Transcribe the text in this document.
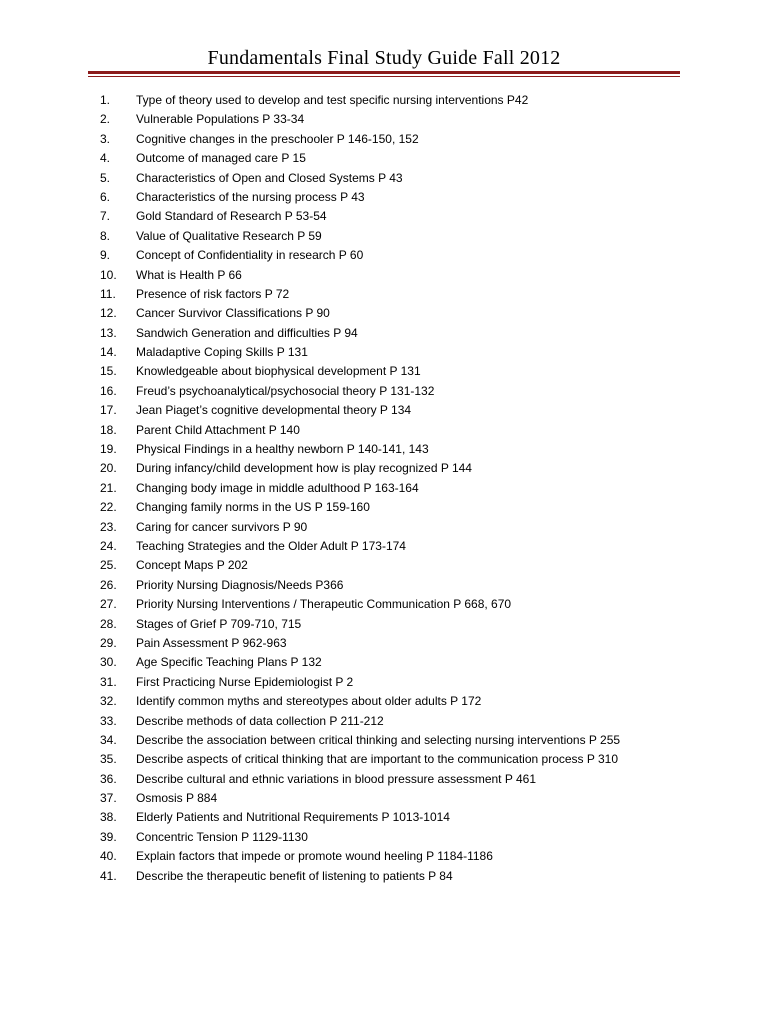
Fundamentals Final Study Guide Fall 2012
1.	Type of theory used to develop and test specific nursing interventions P42
2.	Vulnerable Populations P 33-34
3.	Cognitive changes in the preschooler P 146-150, 152
4.	Outcome of managed care P 15
5.	Characteristics of Open and Closed Systems P 43
6.	Characteristics of the nursing process P 43
7.	Gold Standard of Research P 53-54
8.	Value of Qualitative Research P 59
9.	Concept of Confidentiality in research P 60
10.	What is Health P 66
11.	Presence of risk factors P 72
12.	Cancer Survivor Classifications P 90
13.	Sandwich Generation and difficulties P 94
14.	Maladaptive Coping Skills P 131
15.	Knowledgeable about biophysical development P 131
16.	Freud’s psychoanalytical/psychosocial theory P 131-132
17.	Jean Piaget’s cognitive developmental theory P 134
18.	Parent Child Attachment P 140
19.	Physical Findings in a healthy newborn P 140-141, 143
20.	During infancy/child development how is play recognized P 144
21.	Changing body image in middle adulthood P 163-164
22.	Changing family norms in the US P 159-160
23.	Caring for cancer survivors P 90
24.	Teaching Strategies and the Older Adult P 173-174
25.	Concept Maps P 202
26.	Priority Nursing Diagnosis/Needs P366
27.	Priority Nursing Interventions / Therapeutic Communication P 668, 670
28.	Stages of Grief P 709-710, 715
29.	Pain Assessment P 962-963
30.	Age Specific Teaching Plans P 132
31.	First Practicing Nurse Epidemiologist P 2
32.	Identify common myths and stereotypes about older adults P 172
33.	Describe methods of data collection P 211-212
34.	Describe the association between critical thinking and selecting nursing interventions P 255
35.	Describe aspects of critical thinking that are important to the communication process P 310
36.	Describe cultural and ethnic variations in blood pressure assessment P 461
37.	Osmosis P 884
38.	Elderly Patients and Nutritional Requirements P 1013-1014
39.	Concentric Tension P 1129-1130
40.	Explain factors that impede or promote wound heeling P 1184-1186
41.	Describe the therapeutic benefit of listening to patients P 84
